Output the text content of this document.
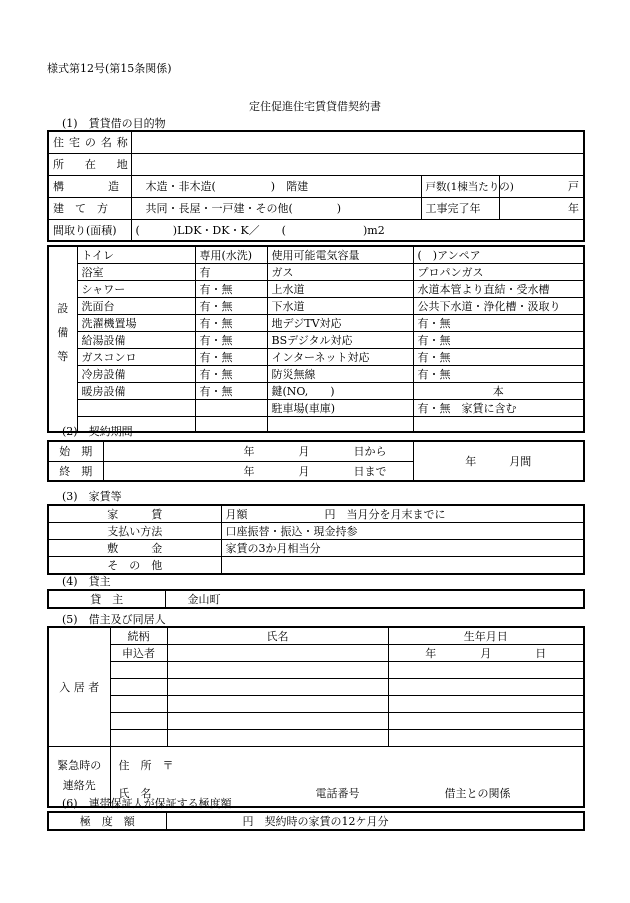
様式第12号(第15条関係)
定住促進住宅賃貸借契約書
(1)　賃貸借の目的物
住宅の名称			
所　在　地			
構　　　　造	木造・非木造(　　　　　)　階建	戸数(1棟当たりの)	戸
建　て　方	共同・長屋・一戸建・その他(　　　　)	工事完了年	年
間取り(面積)	(　　　)LDK・DK・K／　　(　　　　　　　)m2		
設備等	トイレ	専用(水洗)	使用可能電気容量	(　)アンペア
	浴室	有	ガス	プロパンガス
	シャワー	有・無	上水道	水道本管より直結・受水槽
	洗面台	有・無	下水道	公共下水道・浄化槽・汲取り
	洗濯機置場	有・無	地デジTV対応	有・無
	給湯設備	有・無	BSデジタル対応	有・無
	ガスコンロ	有・無	インターネット対応	有・無
	冷房設備	有・無	防災無線	有・無
	暖房設備	有・無	鍵(NO,　　)	本
			駐車場(車庫)	有・無　家賃に含む

(2)　契約期間
始　期	年　　　　月　　　　日から	年　　　月間
終　期	年　　　　月　　　　日まで	
(3)　家賃等
家　　　賃	月額　　　　　　　円　当月分を月末までに
支払い方法	口座振替・振込・現金持参
敷　　　金	家賃の3か月相当分
そ　の　他	
(4)　貸主
貸　主	金山町
(5)　借主及び同居人
入 居 者	続柄	氏名	生年月日
	申込者		年　　　　月　　　　日

緊急時の連絡先	住　所　〒
氏　名 電話番号 借主との関係		
(6)　連帯保証人が保証する極度額
極　度　額	円　契約時の家賃の12ケ月分
